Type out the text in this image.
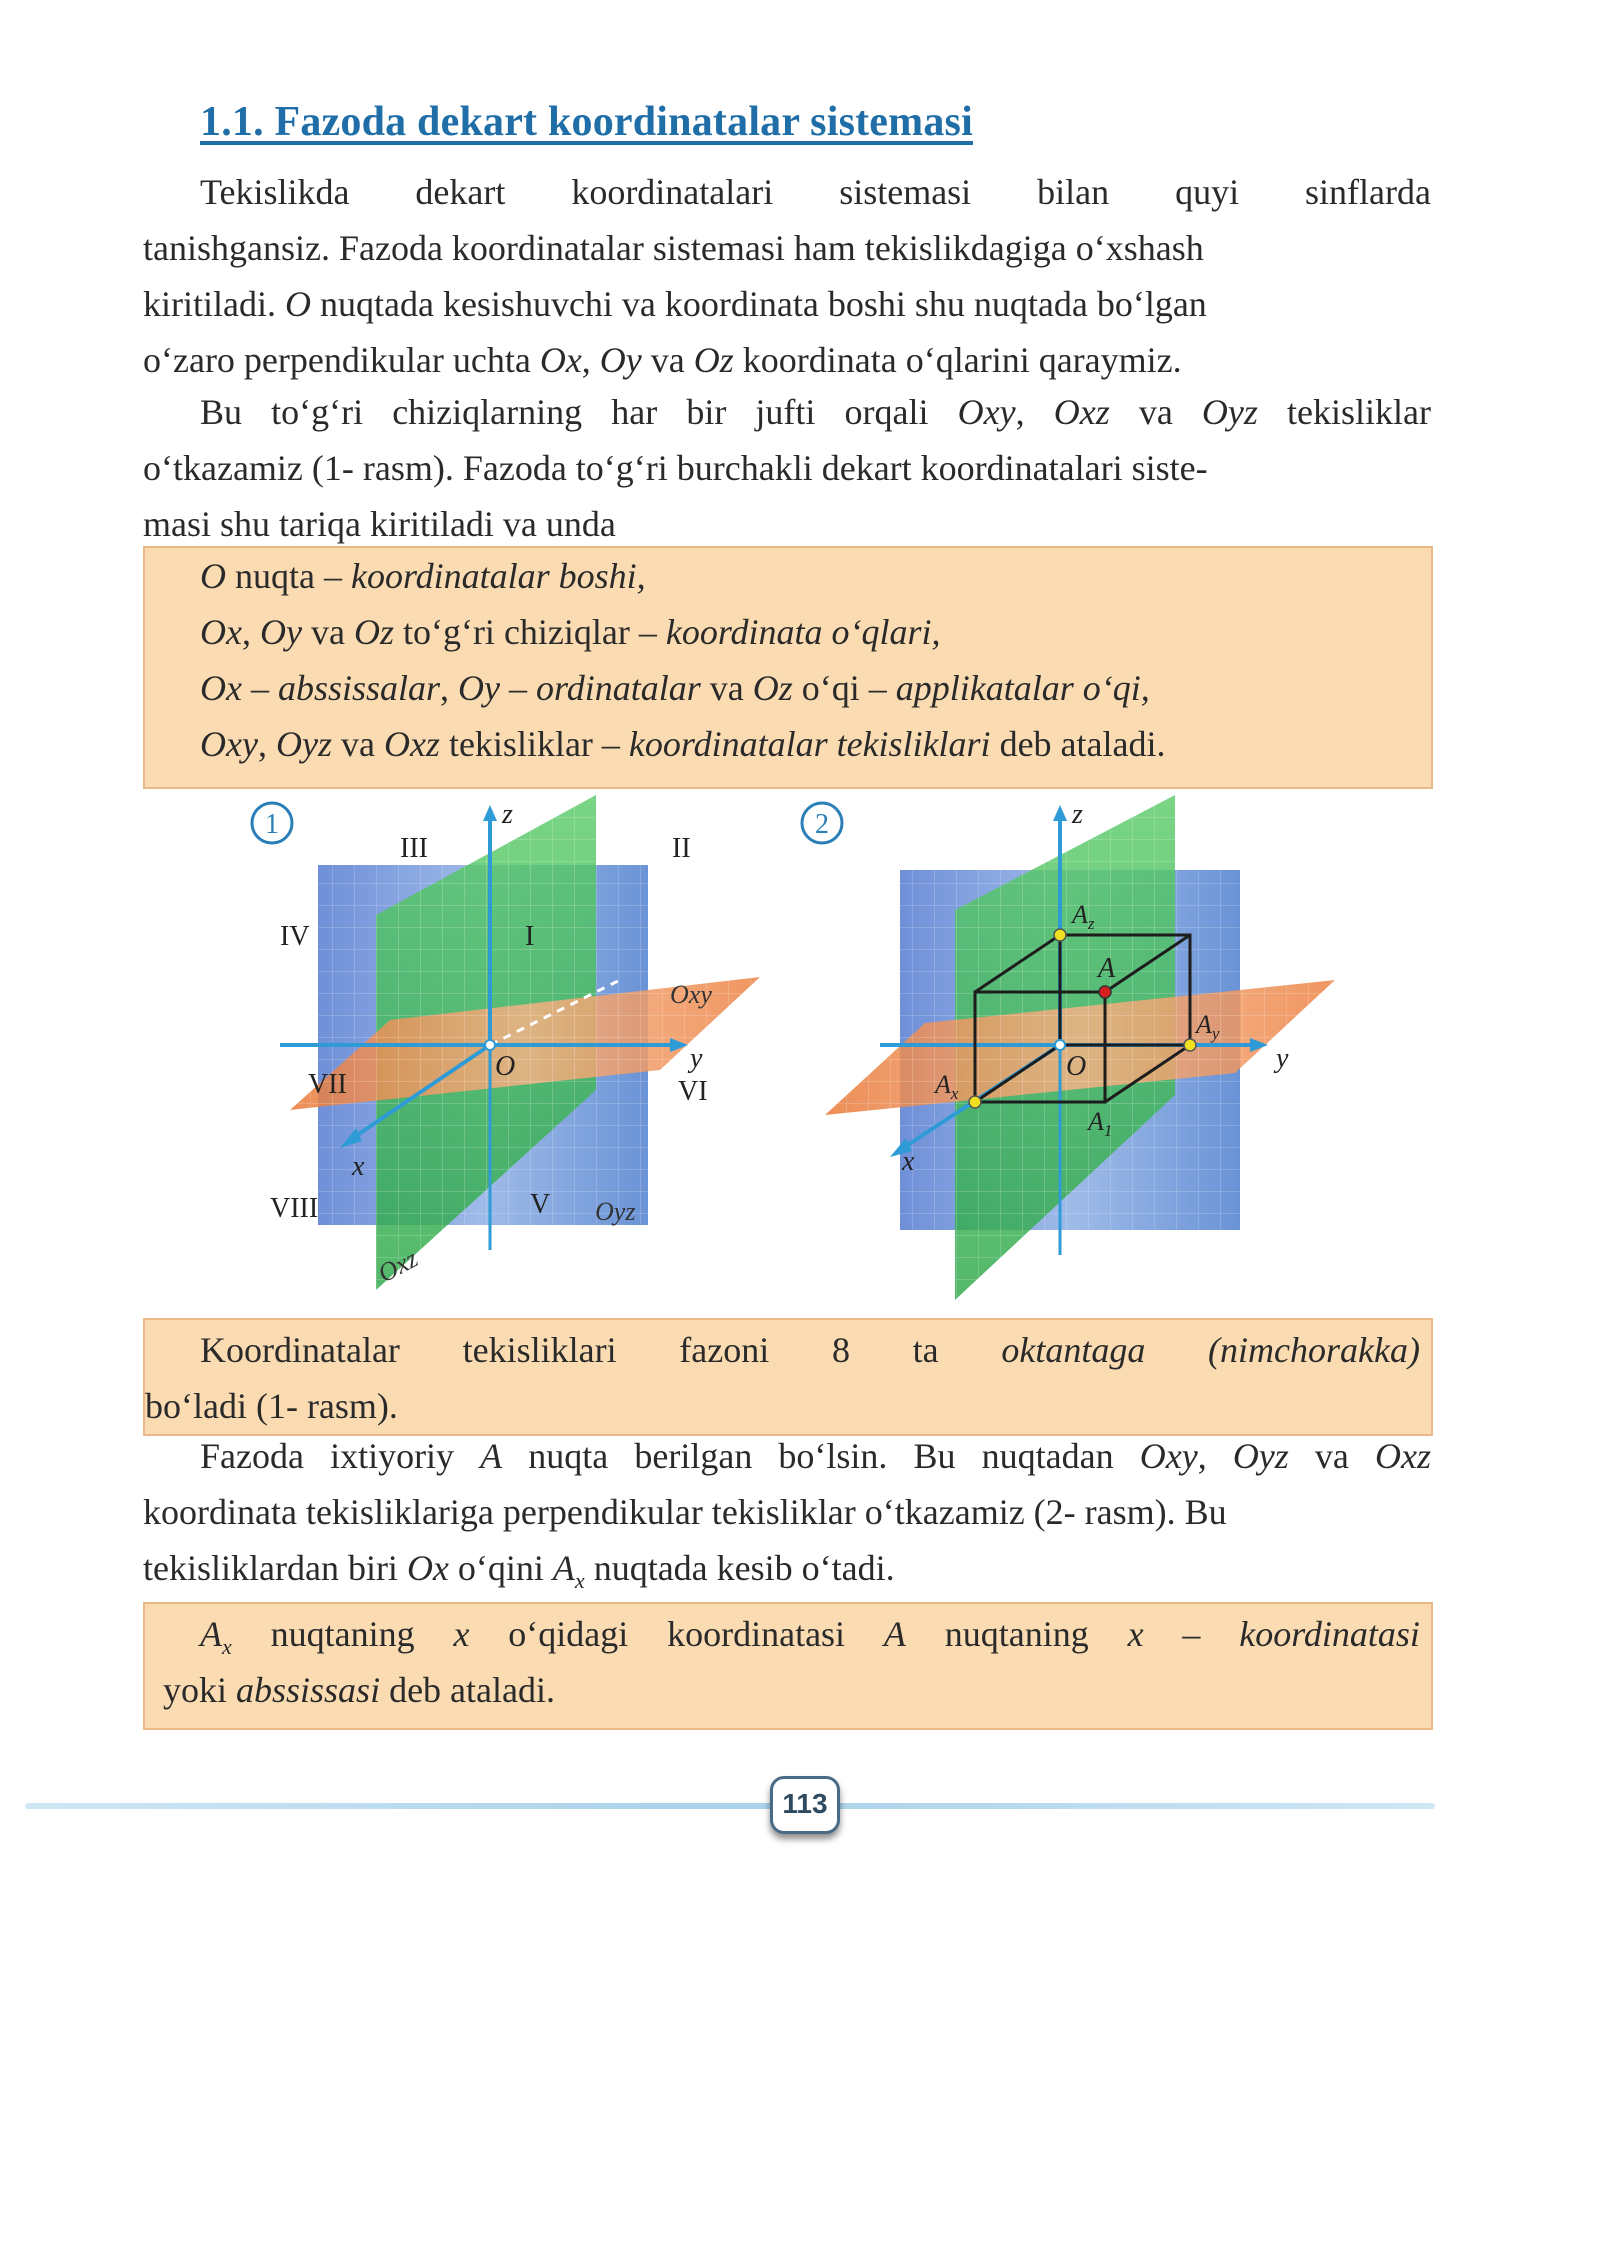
1.1. Fazoda dekart koordinatalar sistemasi
Tekislikda dekart koordinatalari sistemasi bilan quyi sinflarda
tanishgansiz. Fazoda koordinatalar sistemasi ham tekislikdagiga o‘xshash
kiritiladi. O nuqtada kesishuvchi va koordinata boshi shu nuqtada bo‘lgan
o‘zaro perpendikular uchta Ox, Oy va Oz koordinata o‘qlarini qaraymiz.
Bu to‘g‘ri chiziqlarning har bir jufti orqali Oxy, Oxz va Oyz tekisliklar
o‘tkazamiz (1- rasm). Fazoda to‘g‘ri burchakli dekart koordinatalari siste-
masi shu tariqa kiritiladi va unda
O nuqta – koordinatalar boshi,
Ox, Oy va Oz to‘g‘ri chiziqlar – koordinata o‘qlari,
Ox – abssissalar, Oy – ordinatalar va Oz o‘qi – applikatalar o‘qi,
Oxy, Oyz va Oxz tekisliklar – koordinatalar tekisliklari deb ataladi.
1	z
y
x
O
I
II
III
IV
V
VI
VII
VIII
Oxy
Oyz
Oxz
2	z
y
x
O
A
$A_z$
$A_y$
$A_x$
$A_1$
Koordinatalar tekisliklari fazoni 8 ta oktantaga (nimchorakka)
bo‘ladi (1- rasm).
Fazoda ixtiyoriy A nuqta berilgan bo‘lsin. Bu nuqtadan Oxy, Oyz va Oxz
koordinata tekisliklariga perpendikular tekisliklar o‘tkazamiz (2- rasm). Bu
tekisliklardan biri Ox o‘qini $A_x$ nuqtada kesib o‘tadi.
$A_x$ nuqtaning x o‘qidagi koordinatasi A nuqtaning x – koordinatasi
yoki abssissasi deb ataladi.
113
